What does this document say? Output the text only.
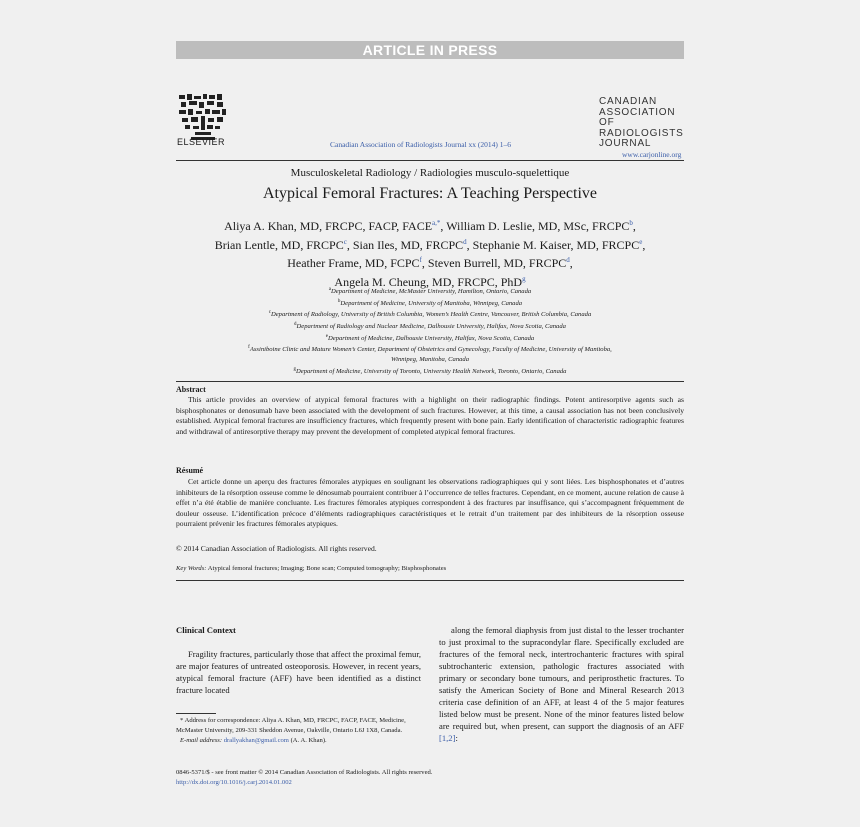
ARTICLE IN PRESS
ELSEVIER	Canadian Association of Radiologists Journal xx (2014) 1–6
CANADIAN
ASSOCIATION OF
RADIOLOGISTS
JOURNAL
www.carjonline.org
Musculoskeletal Radiology / Radiologies musculo-squelettique
Atypical Femoral Fractures: A Teaching Perspective
Aliya A. Khan, MD, FRCPC, FACP, $FACE^{a,*}$, William D. Leslie, MD, MSc, FRCPC$^b$,
Brian Lentle, MD, FRCPC$^c$, Sian Iles, MD, FRCPC$^d$, Stephanie M. Kaiser, MD, FRCPC$^e$,
Heather Frame, MD, FCPC$^f$, Steven Burrell, MD, FRCPC$^d$,
Angela M. Cheung, MD, FRCPC, PhD$^g$
$^a$Department of Medicine, McMaster University, Hamilton, Ontario, Canada
$^b$Department of Medicine, University of Manitoba, Winnipeg, Canada
$^c$Department of Radiology, University of British Columbia, Women’s Health Centre, Vancouver, British Columbia, Canada
$^d$Department of Radiology and Nuclear Medicine, Dalhousie University, Halifax, Nova Scotia, Canada
$^e$Department of Medicine, Dalhousie University, Halifax, Nova Scotia, Canada
$^f$Assiniboine Clinic and Mature Women’s Center, Department of Obstetrics and Gynecology, Faculty of Medicine, University of Manitoba,
Winnipeg, Manitoba, Canada
$^g$Department of Medicine, University of Toronto, University Health Network, Toronto, Ontario, Canada
Abstract
This article provides an overview of atypical femoral fractures with a highlight on their radiographic findings. Potent antiresorptive agents such as bisphosphonates or denosumab have been associated with the development of such fractures. However, at this time, a causal association has not been conclusively established. Atypical femoral fractures are insufficiency fractures, which frequently present with bone pain. Early identification of characteristic radiographic features and withdrawal of antiresorptive therapy may prevent the development of completed atypical femoral fractures.
Résumé
Cet article donne un aperçu des fractures fémorales atypiques en soulignant les observations radiographiques qui y sont liées. Les bisphosphonates et d’autres inhibiteurs de la résorption osseuse comme le dénosumab pourraient contribuer à l’occurrence de telles fractures. Cependant, en ce moment, aucune relation de cause à effet n’a été établie de manière concluante. Les fractures fémorales atypiques correspondent à des fractures par insuffisance, qui s’accompagnent fréquemment de douleur osseuse. L’identification précoce d’éléments radiographiques caractéristiques et le retrait d’un traitement par des inhibiteurs de la résorption osseuse pourraient prévenir les fractures fémorales atypiques.
© 2014 Canadian Association of Radiologists. All rights reserved.
Key Words: Atypical femoral fractures; Imaging; Bone scan; Computed tomography; Bisphosphonates
Clinical Context
Fragility fractures, particularly those that affect the proximal femur, are major features of untreated osteoporosis. However, in recent years, atypical femoral fracture (AFF) have been identified as a distinct fracture located
along the femoral diaphysis from just distal to the lesser trochanter to just proximal to the supracondylar flare. Specifically excluded are fractures of the femoral neck, intertrochanteric fractures with spiral subtrochanteric extension, pathologic fractures associated with primary or secondary bone tumours, and periprosthetic fractures. To satisfy the American Society of Bone and Mineral Research 2013 criteria case definition of an AFF, at least 4 of the 5 major features listed below must be present. None of the minor features listed below are required but, when present, can support the diagnosis of an AFF [1,2]:
* Address for correspondence: Aliya A. Khan, MD, FRCPC, FACP, FACE, Medicine, McMaster University, 209-331 Sheddon Avenue, Oakville, Ontario L6J 1X8, Canada.
E-mail address: drallyakhan@gmail.com (A. A. Khan).
0846-5371/$ - see front matter © 2014 Canadian Association of Radiologists. All rights reserved.
http://dx.doi.org/10.1016/j.carj.2014.01.002
